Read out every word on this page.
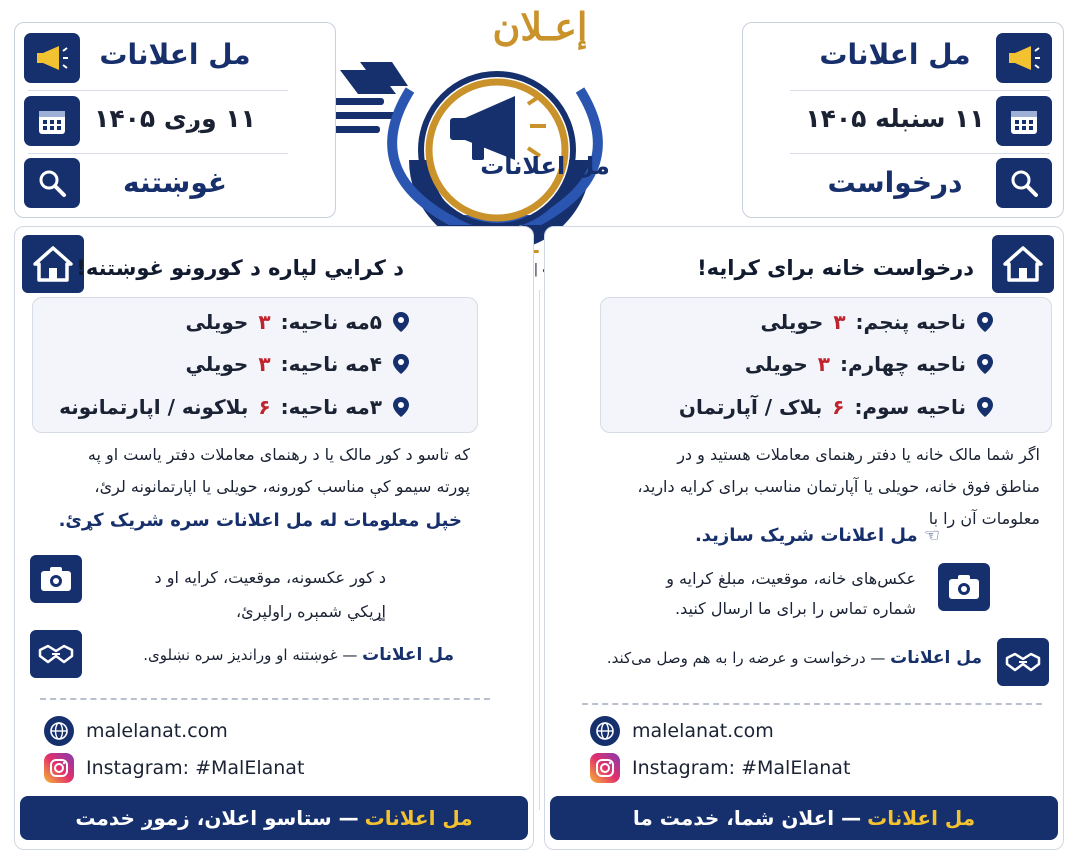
إعـلان
مل اعلانات
|
مل اعلانات
۱۱ سنبله ۱۴۰۵
درخواست
مل اعلانات
۱۱ وږی ۱۴۰۵
غوښتنه
درخواست خانه برای کرایه!
ناحیه پنجم:
۳
حویلی
ناحیه چهارم:
۳
حویلی
ناحیه سوم:
۶
بلاک / آپارتمان
اگر شما مالک خانه یا دفتر رهنمای معاملات هستید و در
مناطق فوق خانه، حویلی یا آپارتمان مناسب برای کرایه دارید،
معلومات آن را با
☜ مل اعلانات شریک سازید.
عکس‌های خانه، موقعیت، مبلغ کرایه و
شماره تماس را برای ما ارسال کنید.
مل اعلانات — درخواست و عرضه را به هم وصل می‌کند.
malelanat.com
Instagram: #MalElanat
مل اعلانات
— اعلان شما، خدمت ما
د کرايي لپاره د کورونو غوښتنه!
۵مه ناحیه:
۳
حویلی
۴مه ناحیه:
۳
حویلي
۳مه ناحیه:
۶
بلاکونه / اپارتمانونه
که تاسو د کور مالک يا د رهنمای معاملات دفتر یاست او په
پورته سیمو کې مناسب کورونه، حویلی یا اپارتمانونه لرئ،
خپل معلومات له مل اعلانات سره شریک کړئ.
د کور عکسونه، موقعیت، کرایه او د
إړیکي شمېره راولپرئ،
مل اعلانات — غوښتنه او وراندیز سره نښلوی.
malelanat.com
Instagram: #MalElanat
مل اعلانات
— ستاسو اعلان، زموږ خدمت
